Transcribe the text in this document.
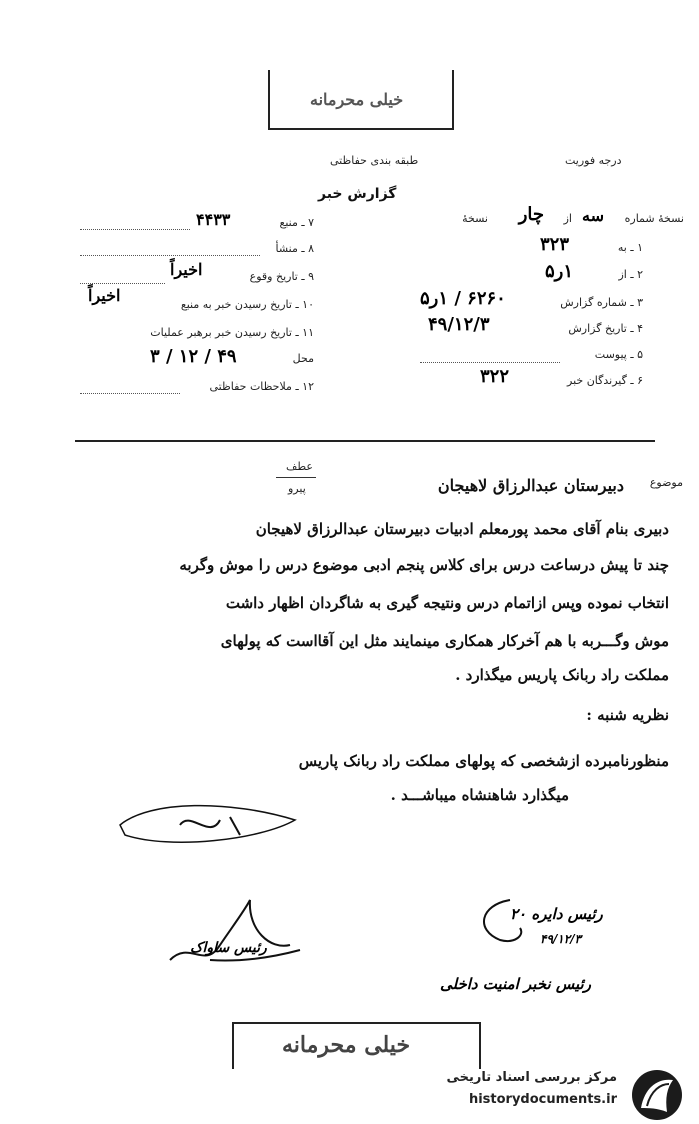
خیلی محرمانه
درجه فوریت
طبقه بندی حفاظتی
گزارش خبر
نسخهٔ شماره
سه
از
چار
نسخهٔ
۱ ـ به
۳۲۳
۲ ـ از
۱ر۵
۳ ـ شماره گزارش
۶۲۶۰ / ۱ر۵
۴ ـ تاریخ گزارش
۴۹/۱۲/۳
۵ ـ پیوست
۶ ـ گیرندگان خبر
۳۲۲
۷ ـ منبع
۴۴۳۳
۸ ـ منشأ
۹ ـ تاریخ وقوع
اخیراً
۱۰ ـ تاریخ رسیدن خبر به منبع
اخیراً
۱۱ ـ تاریخ رسیدن خبر برهبر عملیات
محل
۴۹ / ۱۲ / ۳
۱۲ ـ ملاحظات حفاظتی
عطف
پیرو	موضوع
دبیرستان عبدالرزاق لاهیجان
دبیری بنام آقای محمد پورمعلم ادبیات دبیرستان عبدالرزاق لاهیجان
چند تا پیش درساعت درس برای کلاس پنجم ادبی موضوع درس را موش وگربه
انتخاب نموده وپس ازاتمام درس ونتیجه گیری به شاگردان اظهار داشت
موش وگـــربه با هم آخرکار همکاری مینمایند مثل این آقااست که پولهای
مملکت راد ربانک پاریس میگذارد .
نظریه شنبه :
منظورنامبرده ازشخصی که پولهای مملکت راد ربانک پاریس
میگذارد شاهنشاه میباشـــد .
رئیس ساواک
رئیس دایره ۲۰
۴۹/۱۲/۳
رئیس نخبر امنیت داخلی
خیلی محرمانه
مرکز بررسی اسناد تاریخی
historydocuments.ir
